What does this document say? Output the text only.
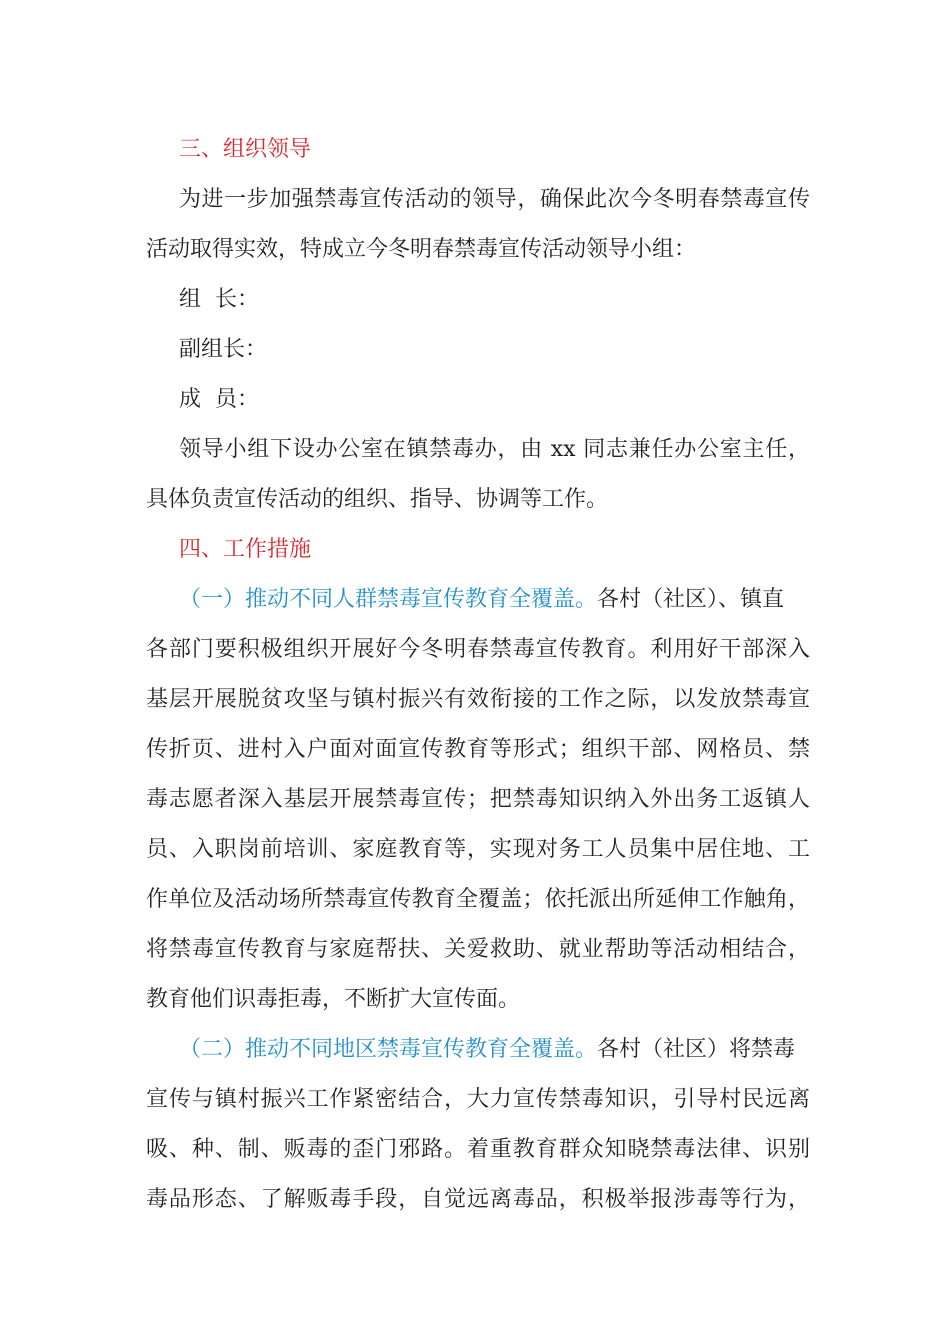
三、组织领导
为进一步加强禁毒宣传活动的领导，确保此次今冬明春禁毒宣传
活动取得实效，特成立今冬明春禁毒宣传活动领导小组：
组  长：
副组长：
成  员：
领导小组下设办公室在镇禁毒办，由 xx 同志兼任办公室主任，
具体负责宣传活动的组织、指导、协调等工作。
四、工作措施
（一）推动不同人群禁毒宣传教育全覆盖。各村（社区）、镇直
各部门要积极组织开展好今冬明春禁毒宣传教育。利用好干部深入
基层开展脱贫攻坚与镇村振兴有效衔接的工作之际，以发放禁毒宣
传折页、进村入户面对面宣传教育等形式；组织干部、网格员、禁
毒志愿者深入基层开展禁毒宣传；把禁毒知识纳入外出务工返镇人
员、入职岗前培训、家庭教育等，实现对务工人员集中居住地、工
作单位及活动场所禁毒宣传教育全覆盖；依托派出所延伸工作触角，
将禁毒宣传教育与家庭帮扶、关爱救助、就业帮助等活动相结合，
教育他们识毒拒毒，不断扩大宣传面。
（二）推动不同地区禁毒宣传教育全覆盖。各村（社区）将禁毒
宣传与镇村振兴工作紧密结合，大力宣传禁毒知识，引导村民远离
吸、种、制、贩毒的歪门邪路。着重教育群众知晓禁毒法律、识别
毒品形态、了解贩毒手段，自觉远离毒品，积极举报涉毒等行为，
